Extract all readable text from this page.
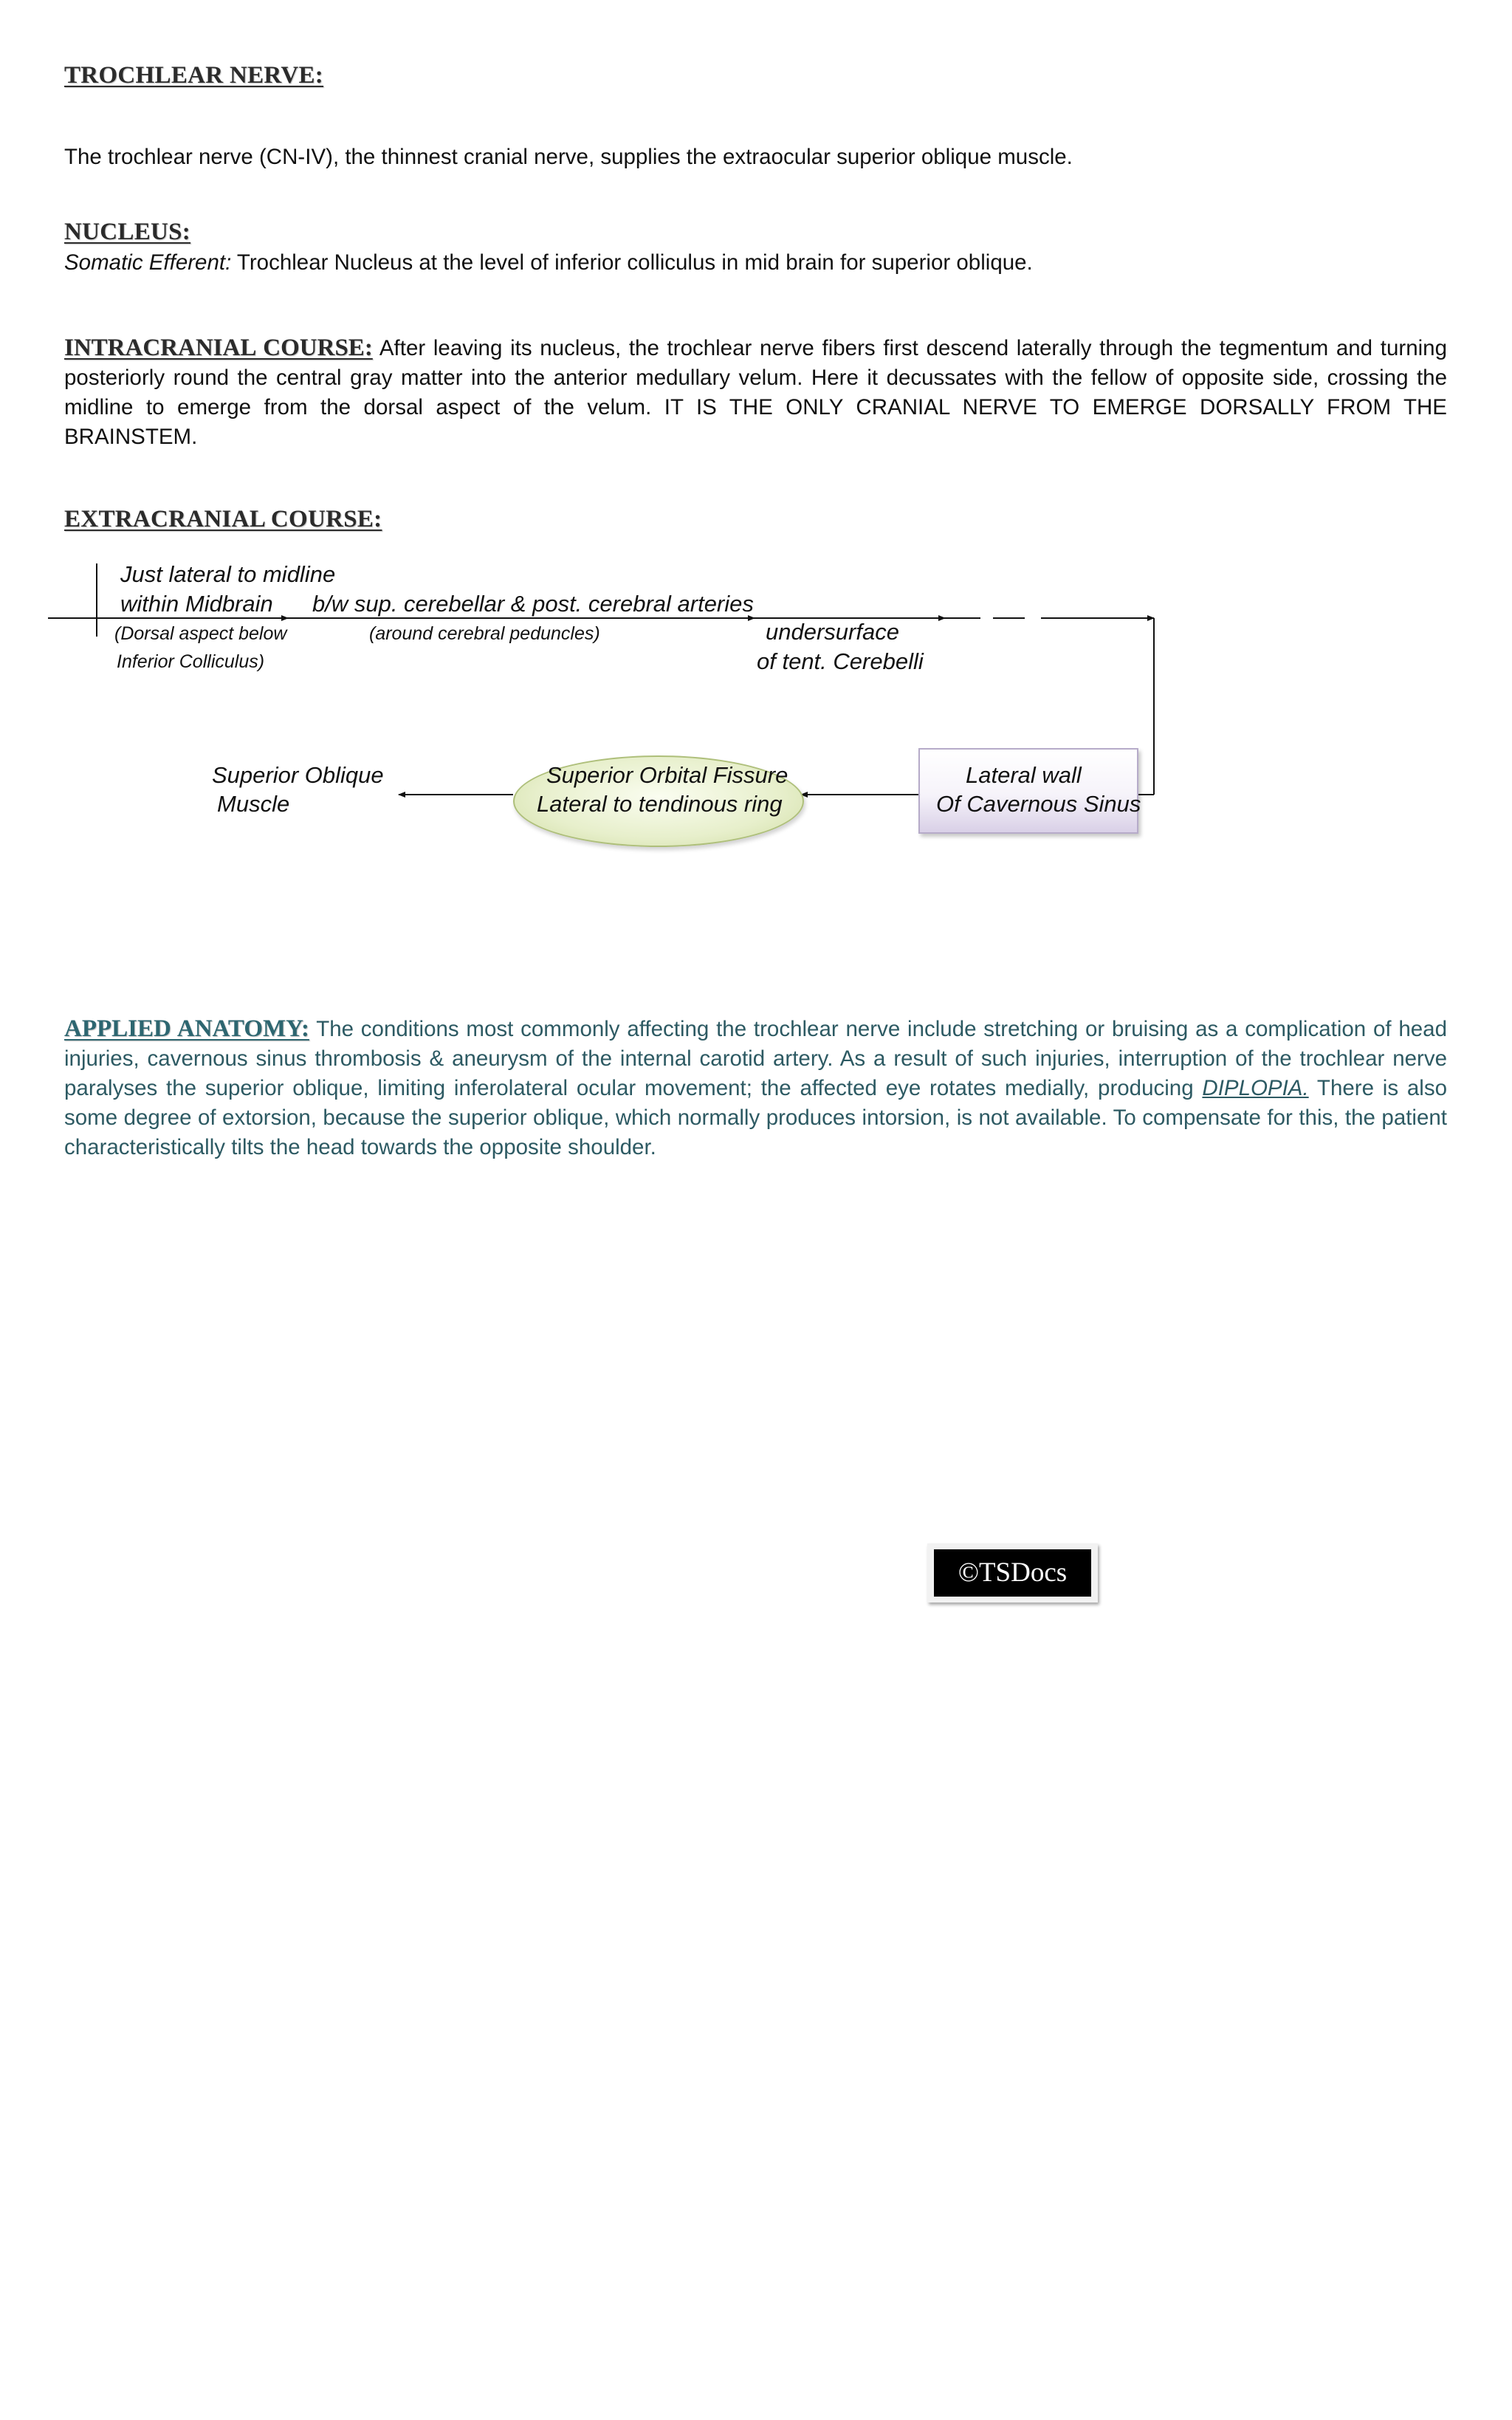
TROCHLEAR NERVE:

The trochlear nerve (CN-IV), the thinnest cranial nerve, supplies the extraocular superior oblique muscle.

NUCLEUS:

Somatic Efferent: Trochlear Nucleus at the level of inferior colliculus in mid brain for superior oblique.

INTRACRANIAL COURSE: After leaving its nucleus, the trochlear nerve fibers first descend laterally through the tegmentum and turning posteriorly round the central gray matter into the anterior medullary velum. Here it decussates with the fellow of opposite side, crossing the midline to emerge from the dorsal aspect of the velum. IT IS THE ONLY CRANIAL NERVE TO EMERGE DORSALLY FROM THE BRAINSTEM.

EXTRACRANIAL COURSE:
Just lateral to midline
within Midbrain
(Dorsal aspect below
Inferior Colliculus)
b/w sup. cerebellar & post. cerebral arteries
(around cerebral peduncles)	undersurface
of tent. Cerebelli
Lateral wall
Of Cavernous Sinus
Superior Orbital Fissure
Lateral to tendinous ring
Superior Oblique
Muscle

APPLIED ANATOMY: The conditions most commonly affecting the trochlear nerve include stretching or bruising as a complication of head injuries, cavernous sinus thrombosis & aneurysm of the internal carotid artery. As a result of such injuries, interruption of the trochlear nerve paralyses the superior oblique, limiting inferolateral ocular movement; the affected eye rotates medially, producing DIPLOPIA. There is also some degree of extorsion, because the superior oblique, which normally produces intorsion, is not available. To compensate for this, the patient characteristically tilts the head towards the opposite shoulder.

©TSDocs
